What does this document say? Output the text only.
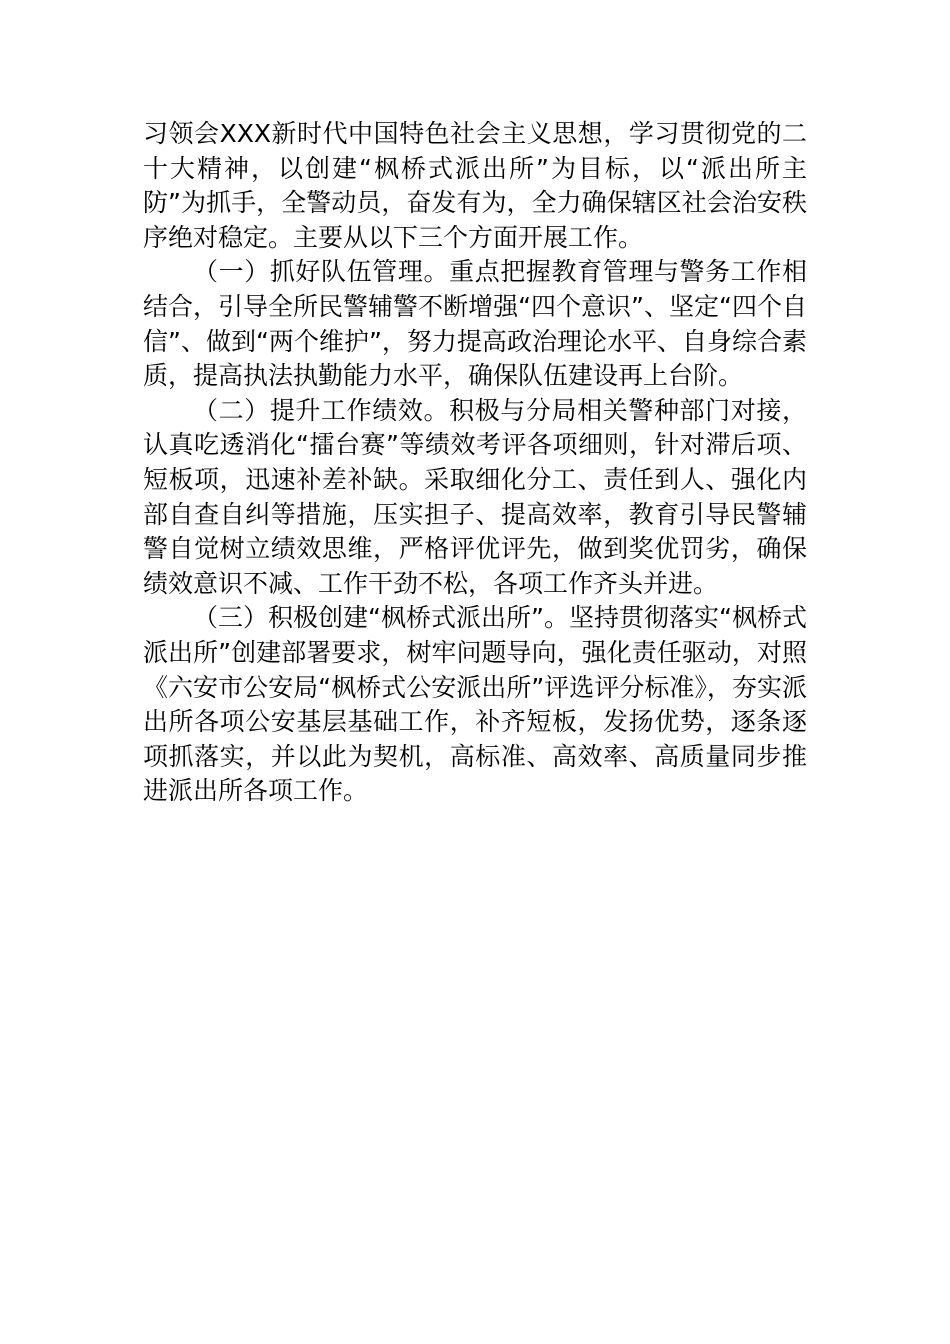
习领会XXX新时代中国特色社会主义思想，学习贯彻党的二十大精神，以创建“枫桥式派出所”为目标，以“派出所主防”为抓手，全警动员，奋发有为，全力确保辖区社会治安秩序绝对稳定。主要从以下三个方面开展工作。

（一）抓好队伍管理。重点把握教育管理与警务工作相结合，引导全所民警辅警不断增强“四个意识”、坚定“四个自信”、做到“两个维护”，努力提高政治理论水平、自身综合素质，提高执法执勤能力水平，确保队伍建设再上台阶。

（二）提升工作绩效。积极与分局相关警种部门对接，认真吃透消化“擂台赛”等绩效考评各项细则，针对滞后项、短板项，迅速补差补缺。采取细化分工、责任到人、强化内部自查自纠等措施，压实担子、提高效率，教育引导民警辅警自觉树立绩效思维，严格评优评先，做到奖优罚劣，确保绩效意识不减、工作干劲不松，各项工作齐头并进。

（三）积极创建“枫桥式派出所”。坚持贯彻落实“枫桥式派出所”创建部署要求，树牢问题导向，强化责任驱动，对照《六安市公安局“枫桥式公安派出所”评选评分标准》，夯实派出所各项公安基层基础工作，补齐短板，发扬优势，逐条逐项抓落实，并以此为契机，高标准、高效率、高质量同步推进派出所各项工作。
